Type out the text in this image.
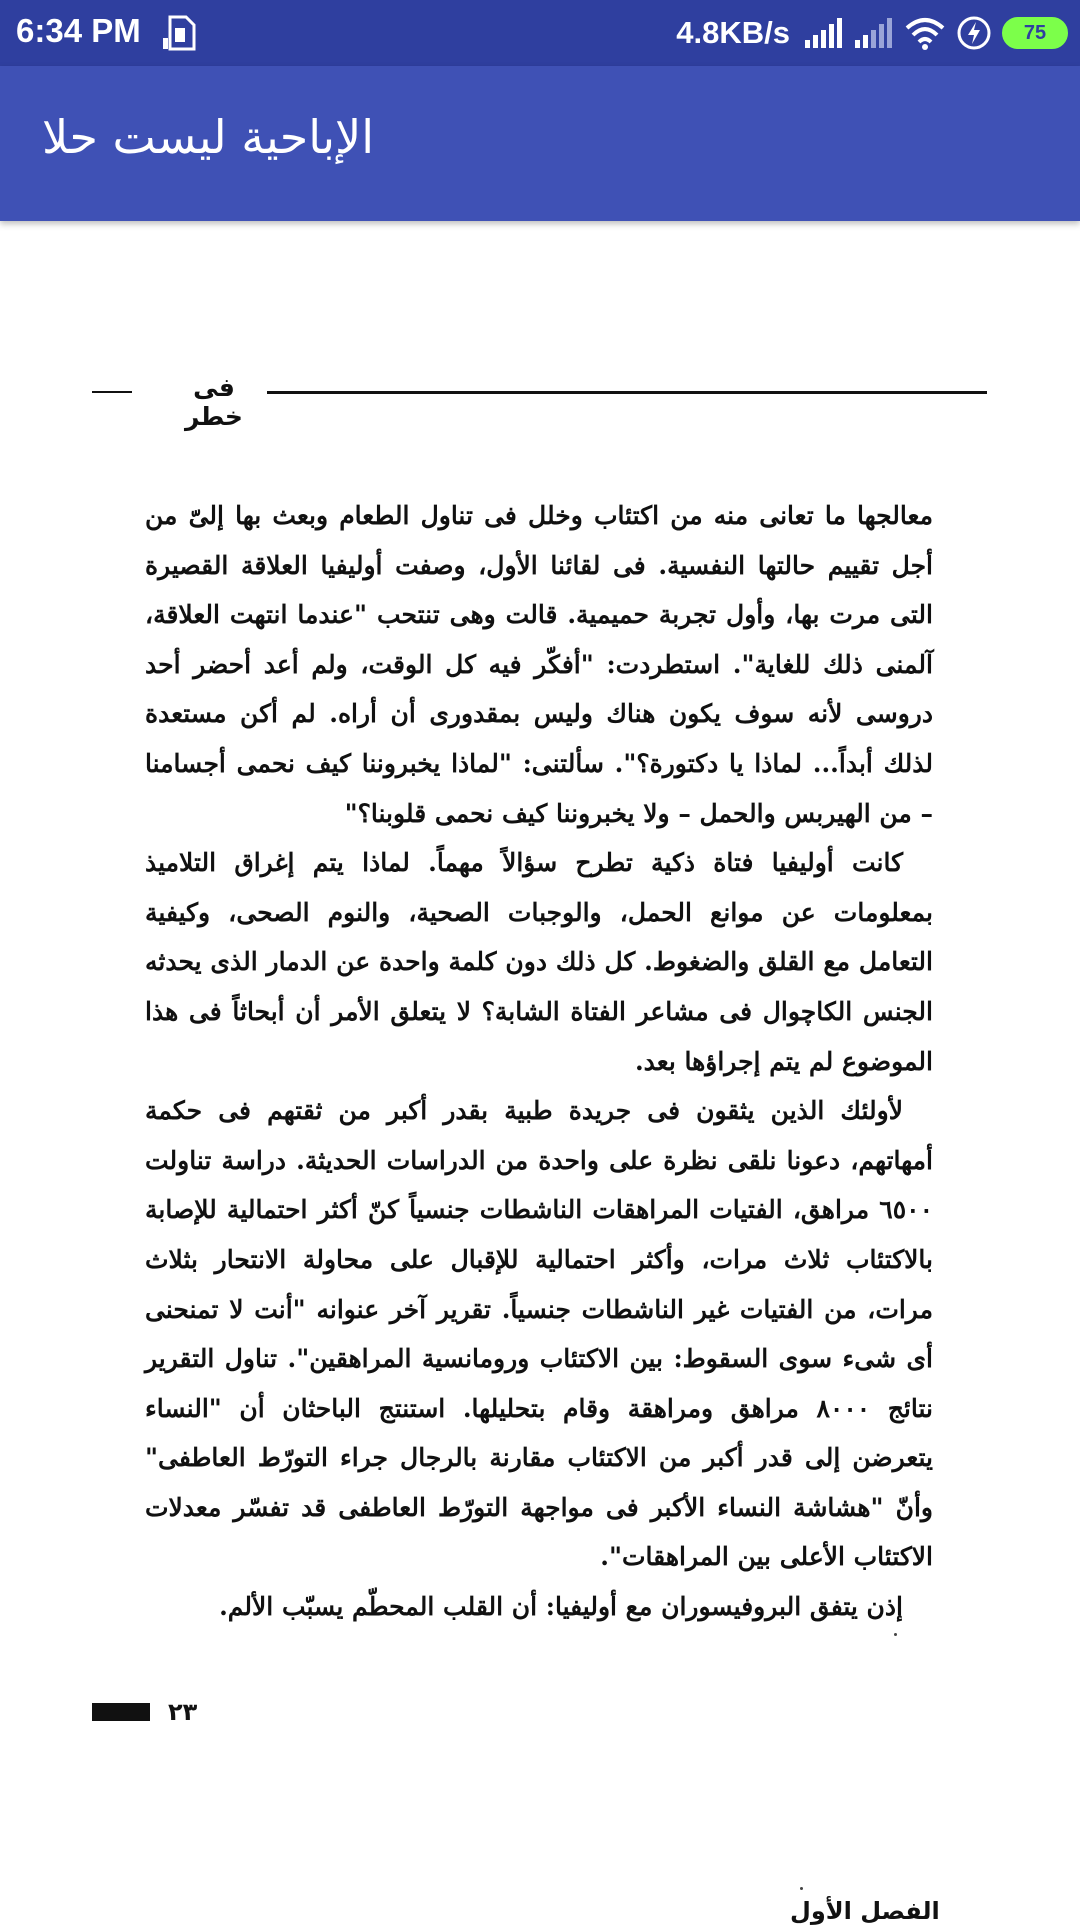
6:34 PM	4.8KB/s	75
الإباحية ليست حلا
فى خطر

معالجها ما تعانى منه من اكتئاب وخلل فى تناول الطعام وبعث بها إلىّ من أجل تقييم حالتها النفسية. فى لقائنا الأول، وصفت أوليفيا العلاقة القصيرة التى مرت بها، وأول تجربة حميمية. قالت وهى تنتحب "عندما انتهت العلاقة، آلمنى ذلك للغاية". استطردت: "أفكّر فيه كل الوقت، ولم أعد أحضر أحد دروسى لأنه سوف يكون هناك وليس بمقدورى أن أراه. لم أكن مستعدة لذلك أبداً... لماذا يا دكتورة؟". سألتنى: "لماذا يخبروننا كيف نحمى أجسامنا – من الهيربس والحمل – ولا يخبروننا كيف نحمى قلوبنا؟"

كانت أوليفيا فتاة ذكية تطرح سؤالاً مهماً. لماذا يتم إغراق التلاميذ بمعلومات عن موانع الحمل، والوجبات الصحية، والنوم الصحى، وكيفية التعامل مع القلق والضغوط. كل ذلك دون كلمة واحدة عن الدمار الذى يحدثه الجنس الكاچوال فى مشاعر الفتاة الشابة؟ لا يتعلق الأمر أن أبحاثاً فى هذا الموضوع لم يتم إجراؤها بعد.

لأولئك الذين يثقون فى جريدة طبية بقدر أكبر من ثقتهم فى حكمة أمهاتهم، دعونا نلقى نظرة على واحدة من الدراسات الحديثة. دراسة تناولت ٦٥٠٠ مراهق، الفتيات المراهقات الناشطات جنسياً كنّ أكثر احتمالية للإصابة بالاكتئاب ثلاث مرات، وأكثر احتمالية للإقبال على محاولة الانتحار بثلاث مرات، من الفتيات غير الناشطات جنسياً. تقرير آخر عنوانه "أنت لا تمنحنى أى شىء سوى السقوط: بين الاكتئاب ورومانسية المراهقين". تناول التقرير نتائج ٨٠٠٠ مراهق ومراهقة وقام بتحليلها. استنتج الباحثان أن "النساء يتعرضن إلى قدر أكبر من الاكتئاب مقارنة بالرجال جراء التورّط العاطفى" وأنّ "هشاشة النساء الأكبر فى مواجهة التورّط العاطفى قد تفسّر معدلات الاكتئاب الأعلى بين المراهقات".

إذن يتفق البروفيسوران مع أوليفيا: أن القلب المحطّم يسبّب الألم.

٢٣
الفصل الأول
